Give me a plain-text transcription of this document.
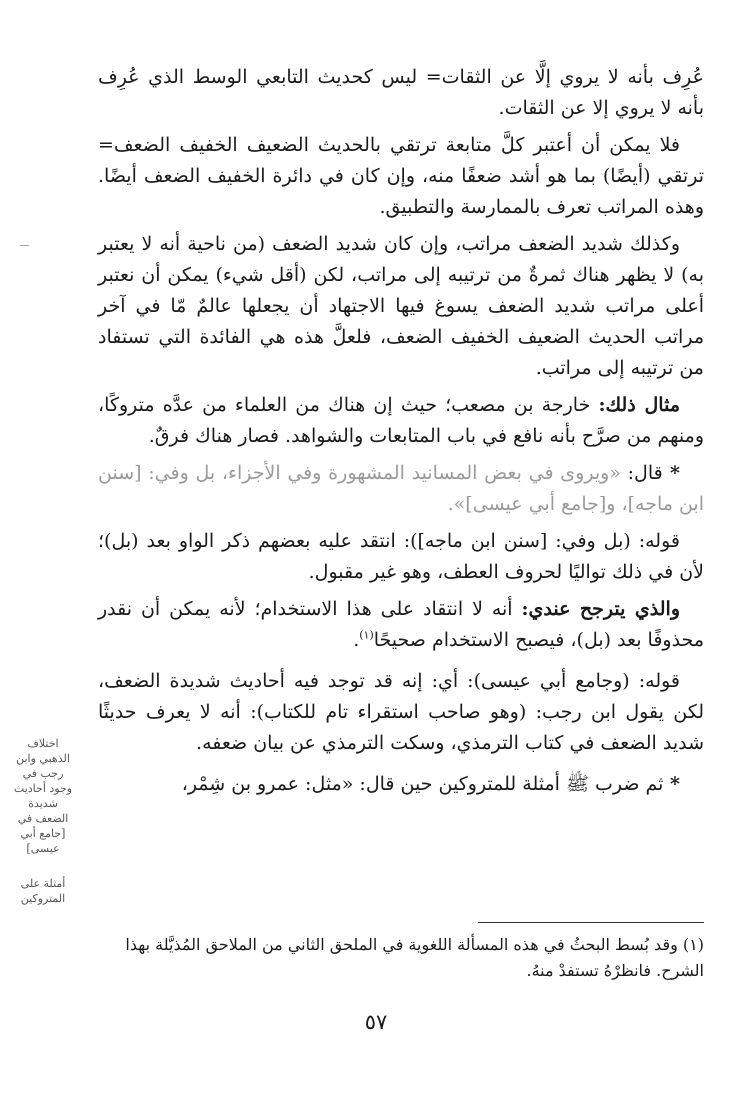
ـــ

عُرِف بأنه لا يروي إلَّا عن الثقات= ليس كحديث التابعي الوسط الذي عُرِف بأنه لا يروي إلا عن الثقات.

فلا يمكن أن أعتبر كلَّ متابعة ترتقي بالحديث الضعيف الخفيف الضعف= ترتقي (أيضًا) بما هو أشد ضعفًا منه، وإن كان في دائرة الخفيف الضعف أيضًا. وهذه المراتب تعرف بالممارسة والتطبيق.

وكذلك شديد الضعف مراتب، وإن كان شديد الضعف (من ناحية أنه لا يعتبر به) لا يظهر هناك ثمرةٌ من ترتيبه إلى مراتب، لكن (أقل شيء) يمكن أن نعتبر أعلى مراتب شديد الضعف يسوغ فيها الاجتهاد أن يجعلها عالمٌ مّا في آخر مراتب الحديث الضعيف الخفيف الضعف، فلعلَّ هذه هي الفائدة التي تستفاد من ترتيبه إلى مراتب.

مثال ذلك: خارجة بن مصعب؛ حيث إن هناك من العلماء من عدَّه متروكًا، ومنهم من صرَّح بأنه نافع في باب المتابعات والشواهد. فصار هناك فرقٌ.

* قال: «ويروى في بعض المسانيد المشهورة وفي الأجزاء، بل وفي: [سنن ابن ماجه]، و[جامع أبي عيسى]».

قوله: (بل وفي: [سنن ابن ماجه]): انتقد عليه بعضهم ذكر الواو بعد (بل)؛ لأن في ذلك تواليًا لحروف العطف، وهو غير مقبول.

والذي يترجح عندي: أنه لا انتقاد على هذا الاستخدام؛ لأنه يمكن أن نقدر محذوفًا بعد (بل)، فيصبح الاستخدام صحيحًا$^{(١)}$.

قوله: (وجامع أبي عيسى): أي: إنه قد توجد فيه أحاديث شديدة الضعف، لكن يقول ابن رجب: (وهو صاحب استقراء تام للكتاب): أنه لا يعرف حديثًا شديد الضعف في كتاب الترمذي، وسكت الترمذي عن بيان ضعفه.

* ثم ضرب ﷺ أمثلة للمتروكين حين قال: «مثل: عمرو بن شِمْر،

اختلاف الذهبي وابن رجب في وجود أحاديث شديدة الضعف في [جامع أبي عيسى]
أمثلة على المتروكين
(١) وقد بُسط البحثُ في هذه المسألة اللغوية في الملحق الثاني من الملاحق المُذيَّلة بهذا الشرح. فانظرْهُ تستفدْ منهُ.
٥٧
